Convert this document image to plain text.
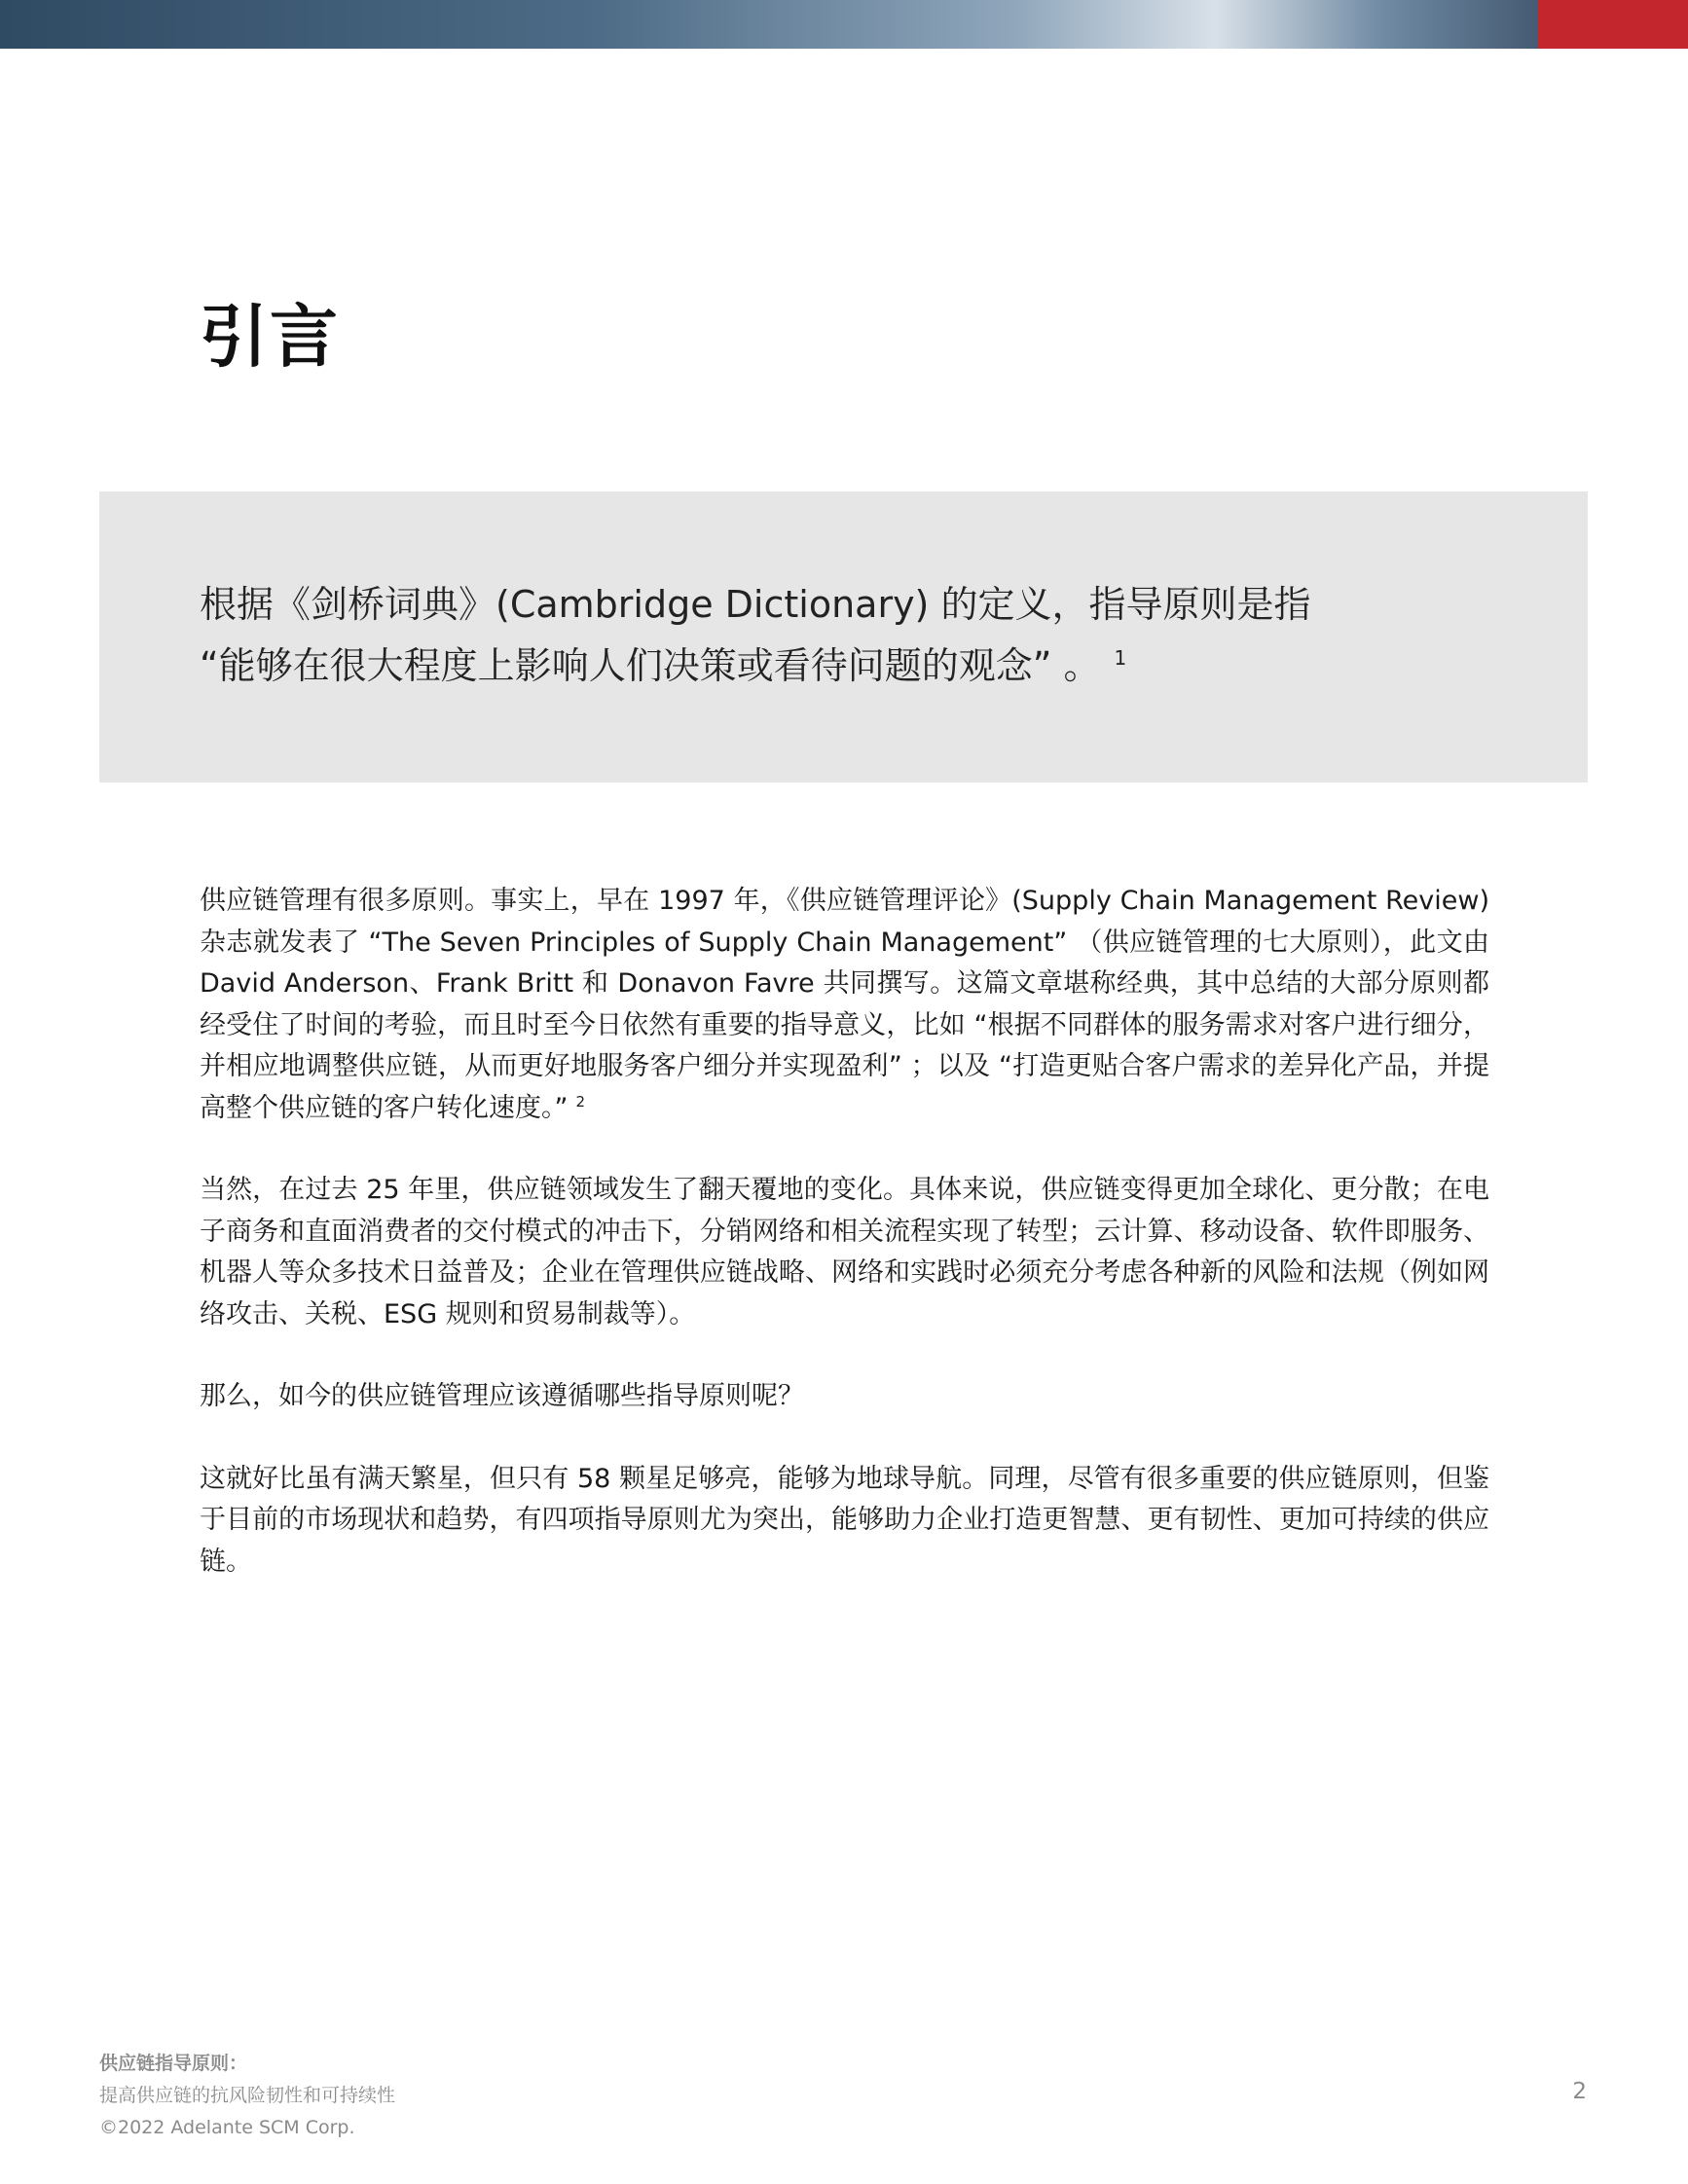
引言

根据《剑桥词典》(Cambridge Dictionary) 的定义，指导原则是指
“能够在很大程度上影响人们决策或看待问题的观念” 。 $^1$

供应链管理有很多原则。事实上，早在 1997 年，《供应链管理评论》(Supply Chain Management Review) 杂志就发表了 “The Seven Principles of Supply Chain Management” （供应链管理的七大原则），此文由 David Anderson、Frank Britt 和 Donavon Favre 共同撰写。这篇文章堪称经典，其中总结的大部分原则都经受住了时间的考验，而且时至今日依然有重要的指导意义，比如 “根据不同群体的服务需求对客户进行细分，并相应地调整供应链，从而更好地服务客户细分并实现盈利” ；以及 “打造更贴合客户需求的差异化产品，并提高整个供应链的客户转化速度。” $^2$

当然，在过去 25 年里，供应链领域发生了翻天覆地的变化。具体来说，供应链变得更加全球化、更分散；在电子商务和直面消费者的交付模式的冲击下，分销网络和相关流程实现了转型；云计算、移动设备、软件即服务、机器人等众多技术日益普及；企业在管理供应链战略、网络和实践时必须充分考虑各种新的风险和法规（例如网络攻击、关税、ESG 规则和贸易制裁等）。

那么，如今的供应链管理应该遵循哪些指导原则呢？

这就好比虽有满天繁星，但只有 58 颗星足够亮，能够为地球导航。同理，尽管有很多重要的供应链原则，但鉴于目前的市场现状和趋势，有四项指导原则尤为突出，能够助力企业打造更智慧、更有韧性、更加可持续的供应链。

供应链指导原则：
提高供应链的抗风险韧性和可持续性
©2022 Adelante SCM Corp.
2
